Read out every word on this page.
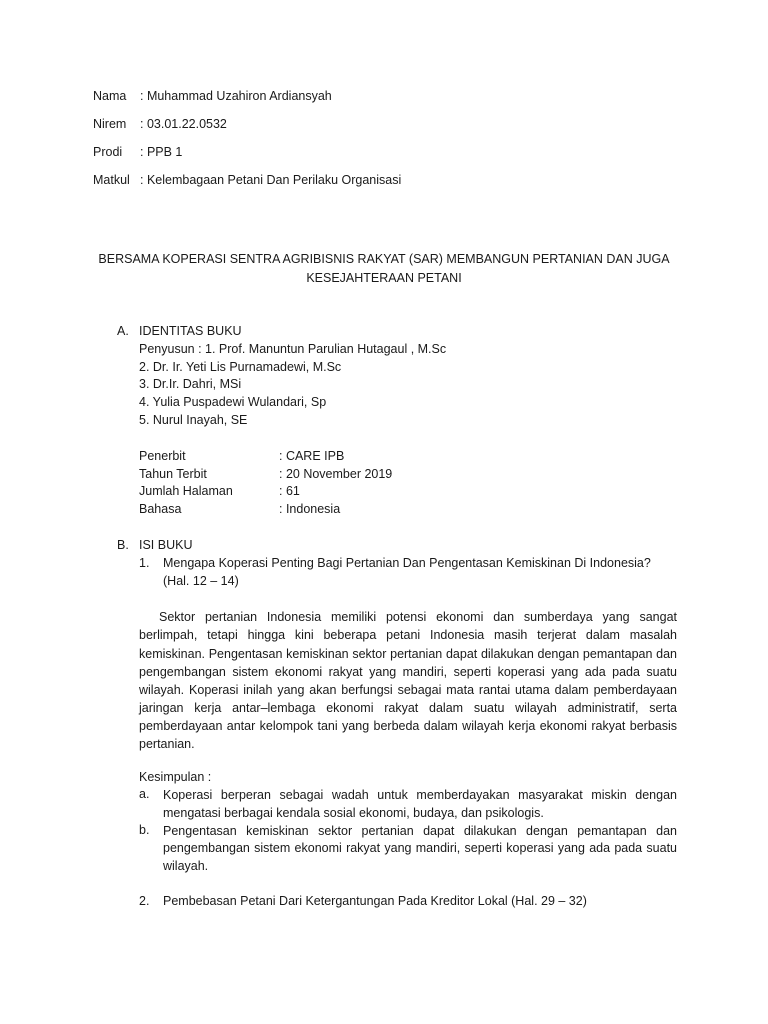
Nama	: Muhammad Uzahiron Ardiansyah
Nirem	: 03.01.22.0532
Prodi	: PPB 1
Matkul : Kelembagaan Petani Dan Perilaku Organisasi
BERSAMA KOPERASI SENTRA AGRIBISNIS RAKYAT (SAR) MEMBANGUN PERTANIAN DAN JUGA
KESEJAHTERAAN PETANI
A. IDENTITAS BUKU
Penyusun : 1. Prof. Manuntun Parulian Hutagaul , M.Sc
2. Dr. Ir. Yeti Lis Purnamadewi, M.Sc
3. Dr.Ir. Dahri, MSi
4. Yulia Puspadewi Wulandari, Sp
5. Nurul Inayah, SE
Penerbit	: CARE IPB
Tahun Terbit	: 20 November 2019
Jumlah Halaman	: 61
Bahasa	: Indonesia
B. ISI BUKU
1. Mengapa Koperasi Penting Bagi Pertanian Dan Pengentasan Kemiskinan Di Indonesia?
(Hal. 12 – 14)
Sektor pertanian Indonesia memiliki potensi ekonomi dan sumberdaya yang sangat berlimpah, tetapi hingga kini beberapa petani Indonesia masih terjerat dalam masalah kemiskinan. Pengentasan kemiskinan sektor pertanian dapat dilakukan dengan pemantapan dan pengembangan sistem ekonomi rakyat yang mandiri, seperti koperasi yang ada pada suatu wilayah. Koperasi inilah yang akan berfungsi sebagai mata rantai utama dalam pemberdayaan jaringan kerja antar–lembaga ekonomi rakyat dalam suatu wilayah administratif, serta pemberdayaan antar kelompok tani yang berbeda dalam wilayah kerja ekonomi rakyat berbasis pertanian.
Kesimpulan :
a. Koperasi berperan sebagai wadah untuk memberdayakan masyarakat miskin dengan mengatasi berbagai kendala sosial ekonomi, budaya, dan psikologis.
b. Pengentasan kemiskinan sektor pertanian dapat dilakukan dengan pemantapan dan pengembangan sistem ekonomi rakyat yang mandiri, seperti koperasi yang ada pada suatu wilayah.
2. Pembebasan Petani Dari Ketergantungan Pada Kreditor Lokal (Hal. 29 – 32)
